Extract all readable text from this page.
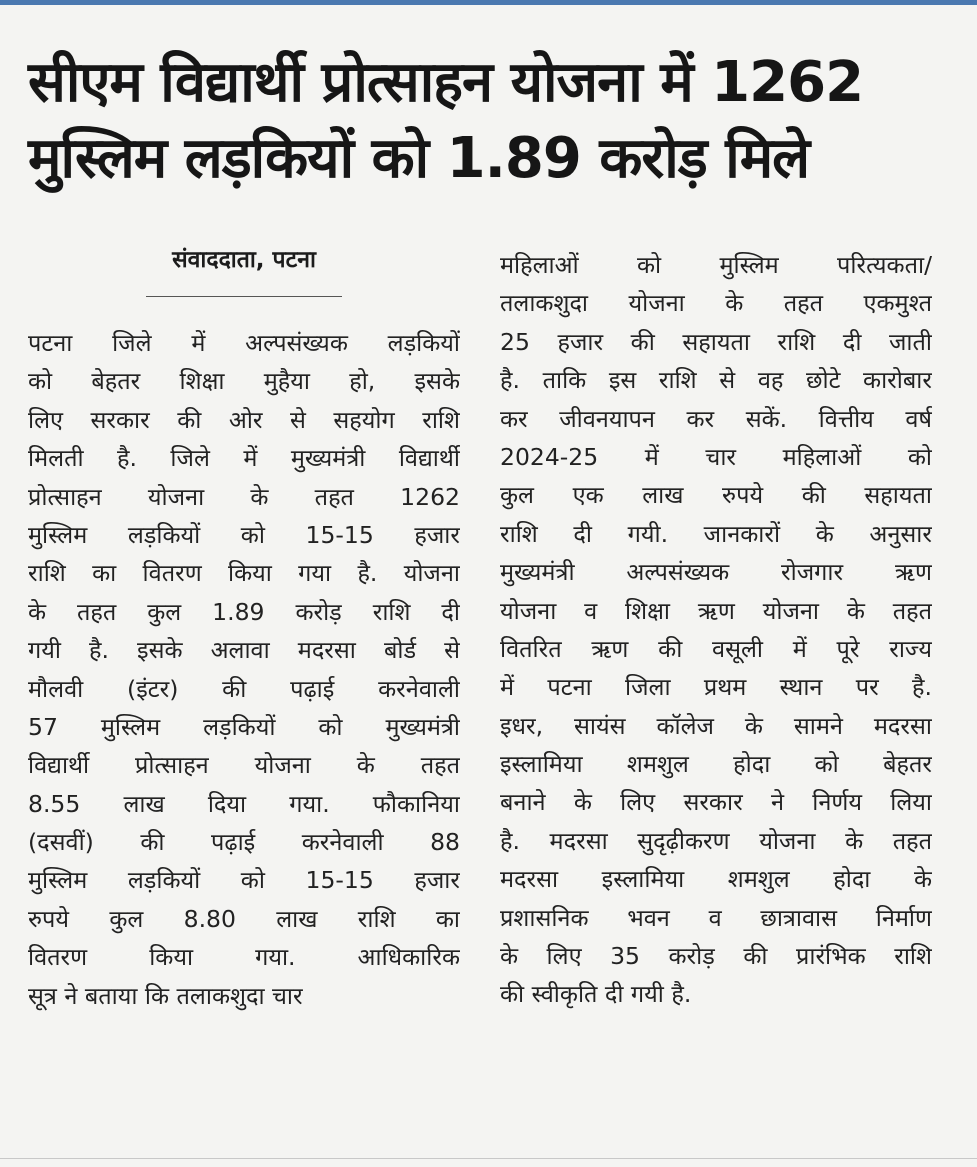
सीएम विद्यार्थी प्रोत्साहन योजना में 1262
मुस्लिम लड़कियों को 1.89 करोड़ मिले
संवाददाता, पटना
पटना जिले में अल्पसंख्यक लड़कियों
को बेहतर शिक्षा मुहैया हो, इसके
लिए सरकार की ओर से सहयोग राशि
मिलती है. जिले में मुख्यमंत्री विद्यार्थी
प्रोत्साहन योजना के तहत 1262
मुस्लिम लड़कियों को 15-15 हजार
राशि का वितरण किया गया है. योजना
के तहत कुल 1.89 करोड़ राशि दी
गयी है. इसके अलावा मदरसा बोर्ड से
मौलवी (इंटर) की पढ़ाई करनेवाली
57 मुस्लिम लड़कियों को मुख्यमंत्री
विद्यार्थी प्रोत्साहन योजना के तहत
8.55 लाख दिया गया. फौकानिया
(दसवीं) की पढ़ाई करनेवाली 88
मुस्लिम लड़कियों को 15-15 हजार
रुपये कुल 8.80 लाख राशि का
वितरण किया गया. आधिकारिक
सूत्र ने बताया कि तलाकशुदा चार
महिलाओं को मुस्लिम परित्यकता/
तलाकशुदा योजना के तहत एकमुश्त
25 हजार की सहायता राशि दी जाती
है. ताकि इस राशि से वह छोटे कारोबार
कर जीवनयापन कर सकें. वित्तीय वर्ष
2024-25 में चार महिलाओं को
कुल एक लाख रुपये की सहायता
राशि दी गयी. जानकारों के अनुसार
मुख्यमंत्री अल्पसंख्यक रोजगार ऋण
योजना व शिक्षा ऋण योजना के तहत
वितरित ऋण की वसूली में पूरे राज्य
में पटना जिला प्रथम स्थान पर है.
इधर, सायंस कॉलेज के सामने मदरसा
इस्लामिया शमशुल होदा को बेहतर
बनाने के लिए सरकार ने निर्णय लिया
है. मदरसा सुदृढ़ीकरण योजना के तहत
मदरसा इस्लामिया शमशुल होदा के
प्रशासनिक भवन व छात्रावास निर्माण
के लिए 35 करोड़ की प्रारंभिक राशि
की स्वीकृति दी गयी है.
